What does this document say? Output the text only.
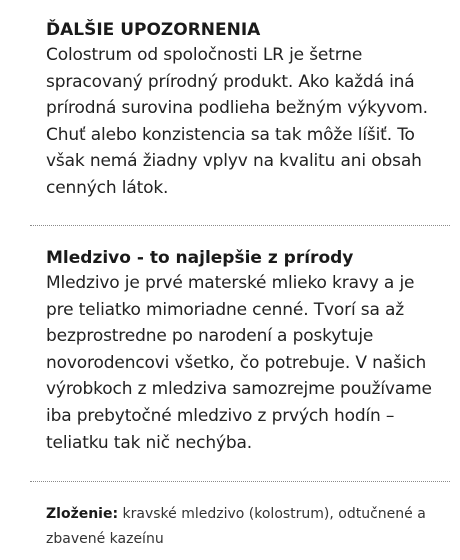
ĎALŠIE UPOZORNENIA

Colostrum od spoločnosti LR je šetrne spracovaný prírodný produkt. Ako každá iná prírodná surovina podlieha bežným výkyvom. Chuť alebo konzistencia sa tak môže líšiť. To však nemá žiadny vplyv na kvalitu ani obsah cenných látok.

Mledzivo - to najlepšie z prírody

Mledzivo je prvé materské mlieko kravy a je pre teliatko mimoriadne cenné. Tvorí sa až bezprostredne po narodení a poskytuje novorodencovi všetko, čo potrebuje. V našich výrobkoch z mledziva samozrejme používame iba prebytočné mledzivo z prvých hodín – teliatku tak nič nechýba.

Zloženie: kravské mledzivo (kolostrum), odtučnené a zbavené kazeínu
